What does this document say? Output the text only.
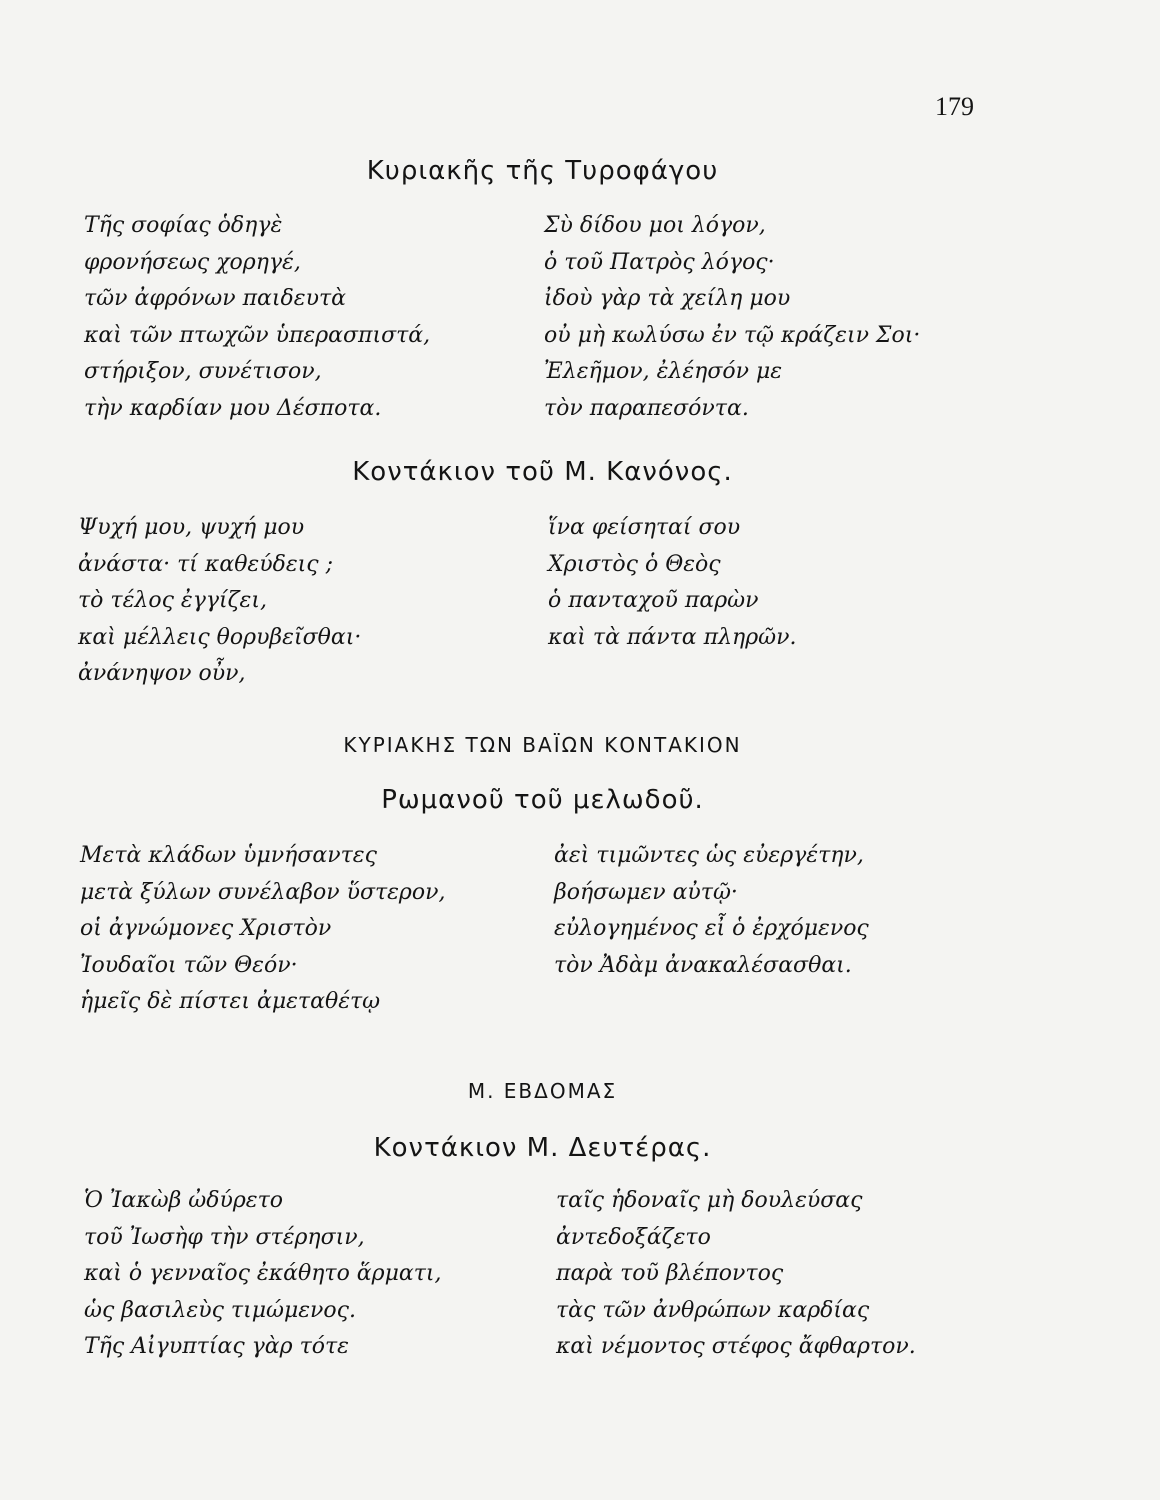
179
Κυριακῆς τῆς Τυροφάγου
Τῆς σοφίας ὁδηγὲ
φρονήσεως χορηγέ,
τῶν ἀφρόνων παιδευτὰ
καὶ τῶν πτωχῶν ὑπερασπιστά,
στήριξον, συνέτισον,
τὴν καρδίαν μου Δέσποτα.
Σὺ δίδου μοι λόγον,
ὁ τοῦ Πατρὸς λόγος·
ἰδοὺ γὰρ τὰ χείλη μου
οὐ μὴ κωλύσω ἐν τῷ κράζειν Σοι·
Ἐλεῆμον, ἐλέησόν με
τὸν παραπεσόντα.
Κοντάκιον τοῦ Μ. Κανόνος.
Ψυχή μου, ψυχή μου
ἀνάστα· τί καθεύδεις ;
τὸ τέλος ἐγγίζει,
καὶ μέλλεις θορυβεῖσθαι·
ἀνάνηψον οὖν,
ἵνα φείσηταί σου
Χριστὸς ὁ Θεὸς
ὁ πανταχοῦ παρὼν
καὶ τὰ πάντα πληρῶν.
ΚΥΡΙΑΚΗΣ ΤΩΝ ΒΑΪΩΝ ΚΟΝΤΑΚΙΟΝ
Ρωμανοῦ τοῦ μελωδοῦ.
Μετὰ κλάδων ὑμνήσαντες
μετὰ ξύλων συνέλαβον ὕστερον,
οἱ ἀγνώμονες Χριστὸν
Ἰουδαῖοι τῶν Θεόν·
ἡμεῖς δὲ πίστει ἀμεταθέτῳ
ἀεὶ τιμῶντες ὡς εὐεργέτην,
βοήσωμεν αὐτῷ·
εὐλογημένος εἶ ὁ ἐρχόμενος
τὸν Ἀδὰμ ἀνακαλέσασθαι.
Μ. ΕΒΔΟΜΑΣ
Κοντάκιον Μ. Δευτέρας.
Ὁ Ἰακὼβ ὠδύρετο
τοῦ Ἰωσὴφ τὴν στέρησιν,
καὶ ὁ γενναῖος ἐκάθητο ἅρματι,
ὡς βασιλεὺς τιμώμενος.
Τῆς Αἰγυπτίας γὰρ τότε
ταῖς ἡδοναῖς μὴ δουλεύσας
ἀντεδοξάζετο
παρὰ τοῦ βλέποντος
τὰς τῶν ἀνθρώπων καρδίας
καὶ νέμοντος στέφος ἄφθαρτον.
